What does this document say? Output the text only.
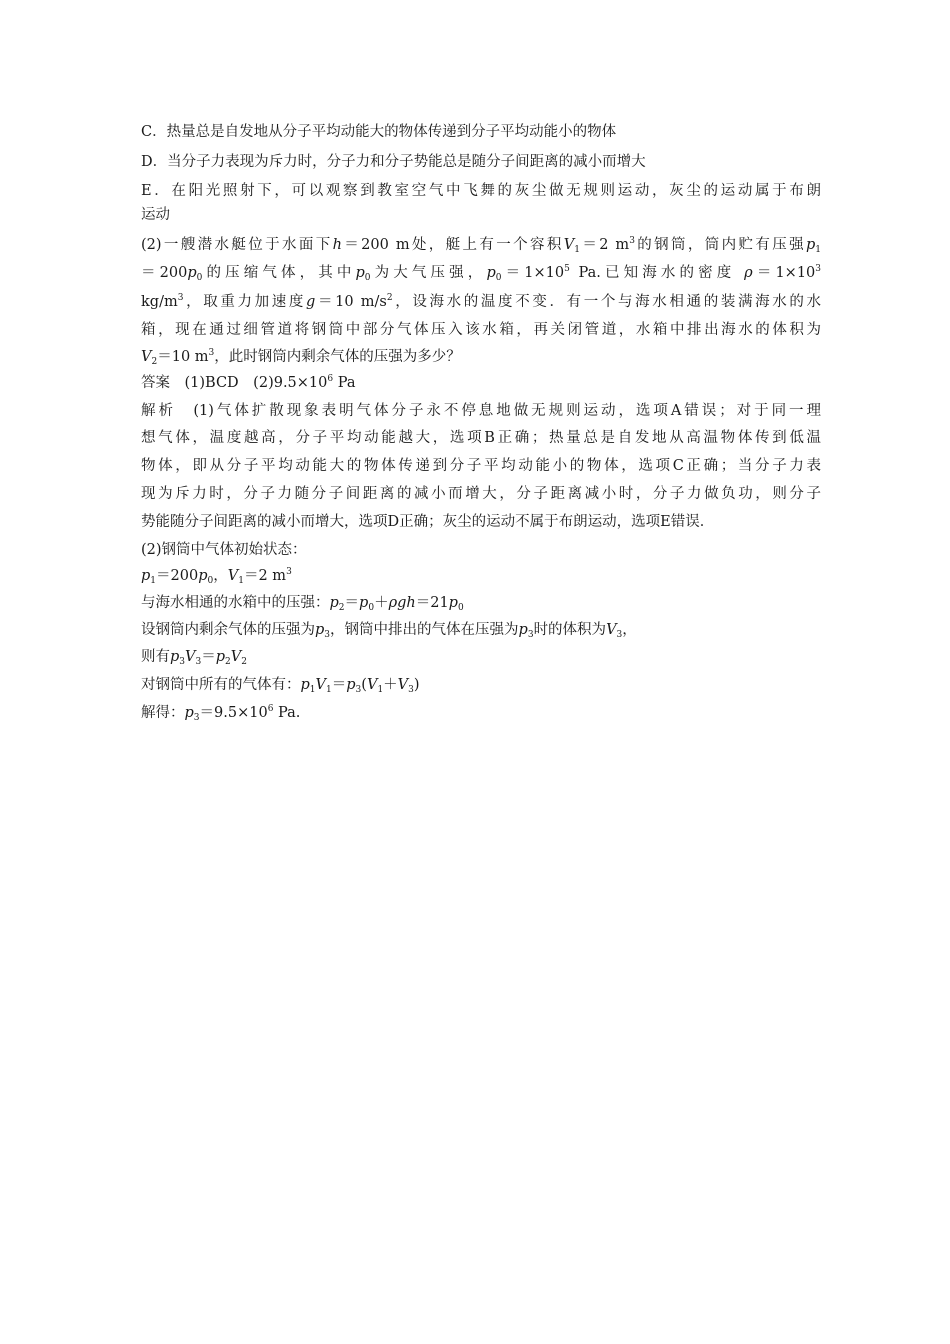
C．热量总是自发地从分子平均动能大的物体传递到分子平均动能小的物体
D．当分子力表现为斥力时，分子力和分子势能总是随分子间距离的减小而增大
E．在阳光照射下，可以观察到教室空气中飞舞的灰尘做无规则运动，灰尘的运动属于布朗
运动
(2)一艘潜水艇位于水面下h＝200 m处，艇上有一个容积$V_1=2$ $m^3$的钢筒，筒内贮有压强$p_1$
$=200p_0$的压缩气体，其中$p_0$为大气压强，$p_0=1\times 10^5$ Pa.已知海水的密度 $\rho=1\times 10^3$
$kg/m^3$，取重力加速度g＝10 $m/s^2$，设海水的温度不变．有一个与海水相通的装满海水的水
箱，现在通过细管道将钢筒中部分气体压入该水箱，再关闭管道，水箱中排出海水的体积为
$V_2=10$ $m^3$，此时钢筒内剩余气体的压强为多少？
答案　(1)BCD　$(2)9.5\times 10^6$ Pa
解析　(1)气体扩散现象表明气体分子永不停息地做无规则运动，选项A错误；对于同一理
想气体，温度越高，分子平均动能越大，选项B正确；热量总是自发地从高温物体传到低温
物体，即从分子平均动能大的物体传递到分子平均动能小的物体，选项C正确；当分子力表
现为斥力时，分子力随分子间距离的减小而增大，分子距离减小时，分子力做负功，则分子
势能随分子间距离的减小而增大，选项D正确；灰尘的运动不属于布朗运动，选项E错误．
(2)钢筒中气体初始状态：
$p_1=200p_0$，$V_1=2$ $m^3$
与海水相通的水箱中的压强：$p_2=p_0+\rho gh=21p_0$
设钢筒内剩余气体的压强为$p_3$，钢筒中排出的气体在压强为$p_3$时的体积为$V_3$，
则有$p_3V_3=p_2V_2$
对钢筒中所有的气体有：$p_1V_1=p_3(V_1+V_3)$
解得：$p_3=9.5\times 10^6$ Pa.
